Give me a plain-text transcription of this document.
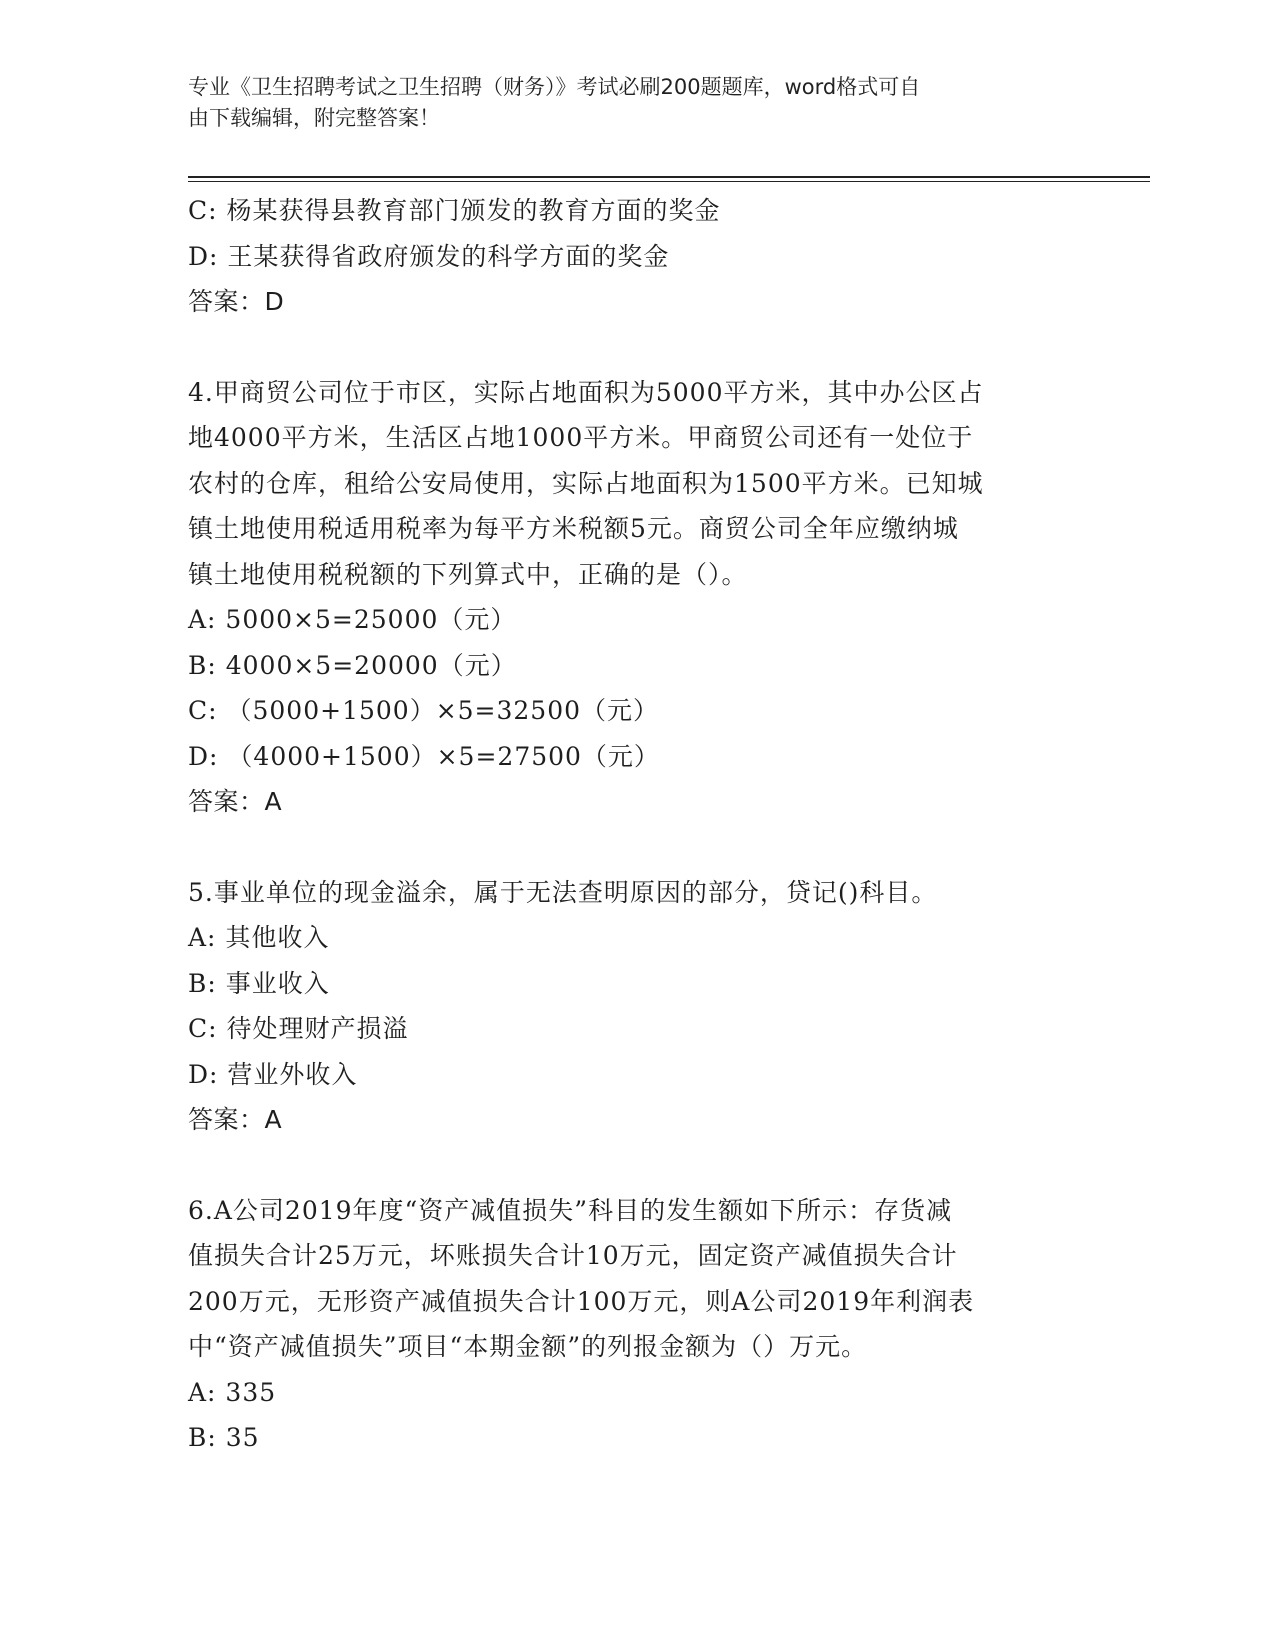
专业《卫生招聘考试之卫生招聘（财务）》考试必刷200题题库，word格式可自
由下载编辑，附完整答案！
C: 杨某获得县教育部门颁发的教育方面的奖金
D: 王某获得省政府颁发的科学方面的奖金
答案：D
4.甲商贸公司位于市区，实际占地面积为5000平方米，其中办公区占
地4000平方米，生活区占地1000平方米。甲商贸公司还有一处位于
农村的仓库，租给公安局使用，实际占地面积为1500平方米。已知城
镇土地使用税适用税率为每平方米税额5元。商贸公司全年应缴纳城
镇土地使用税税额的下列算式中，正确的是（）。
A: 5000×5=25000（元）
B: 4000×5=20000（元）
C: （5000+1500）×5=32500（元）
D: （4000+1500）×5=27500（元）
答案：A
5.事业单位的现金溢余，属于无法查明原因的部分，贷记()科目。
A: 其他收入
B: 事业收入
C: 待处理财产损溢
D: 营业外收入
答案：A
6.A公司2019年度“资产减值损失”科目的发生额如下所示：存货减
值损失合计25万元，坏账损失合计10万元，固定资产减值损失合计
200万元，无形资产减值损失合计100万元，则A公司2019年利润表
中“资产减值损失”项目“本期金额”的列报金额为（）万元。
A: 335
B: 35
